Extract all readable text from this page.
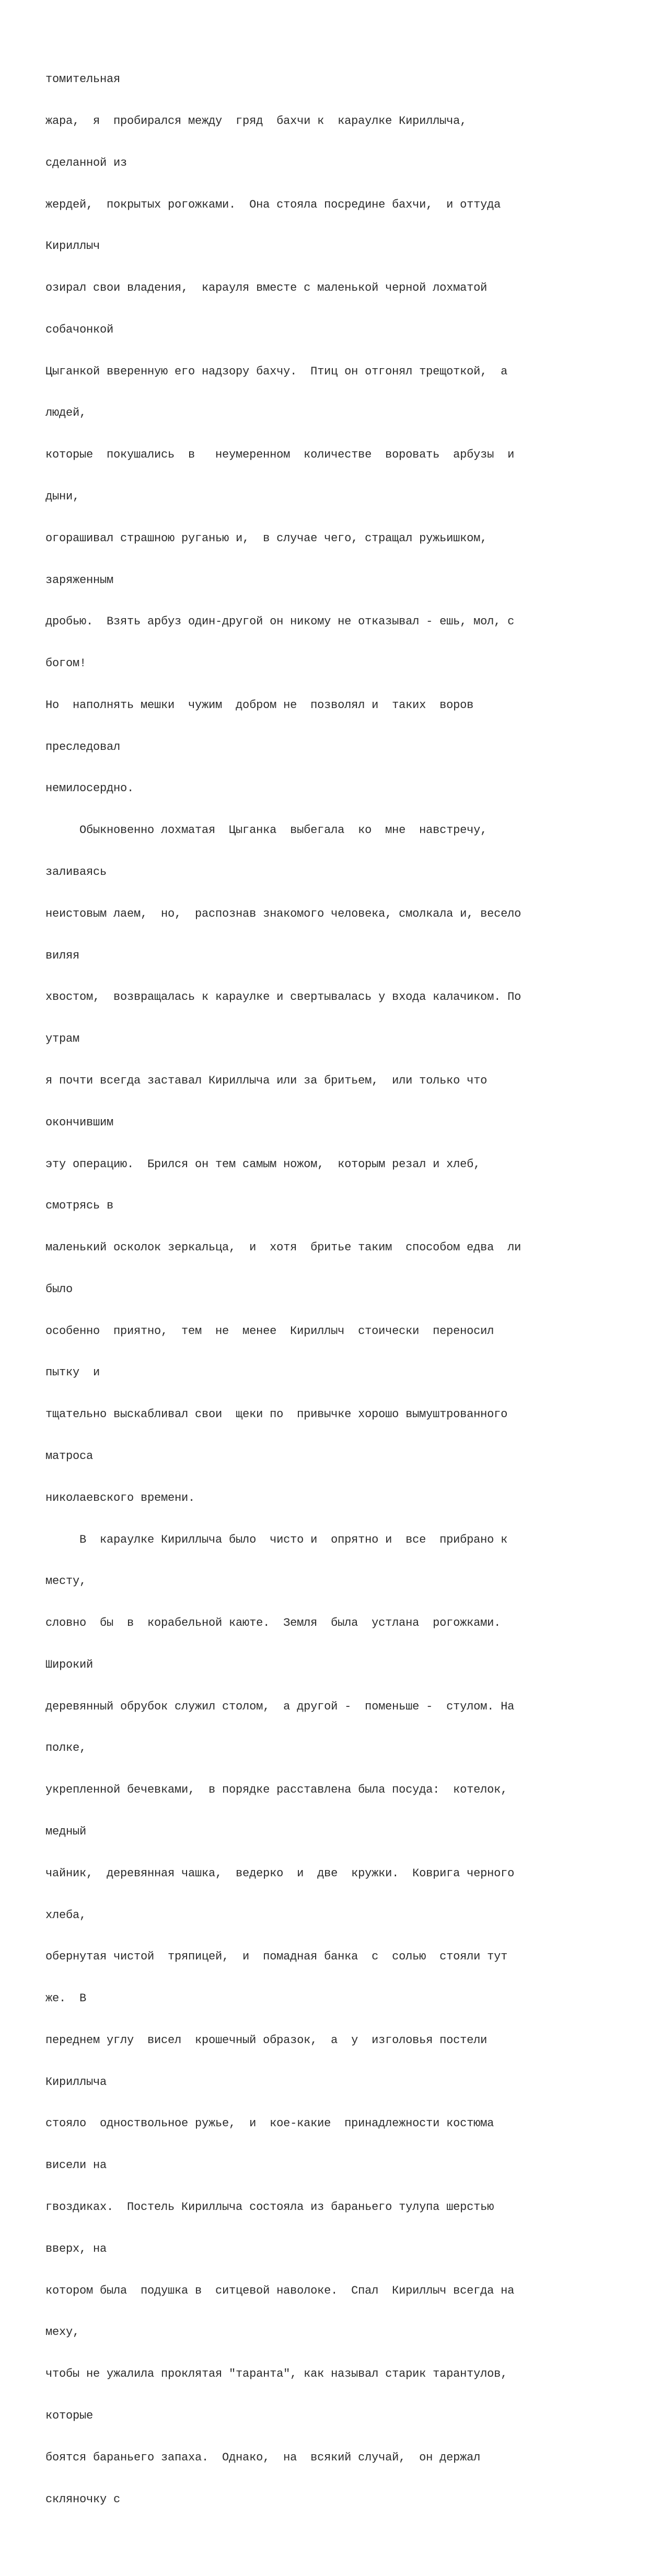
томительная

жара,  я  пробирался между  гряд  бахчи к  караулке Кириллыча,

сделанной из

жердей,  покрытых рогожками.  Она стояла посредине бахчи,  и оттуда

Кириллыч

озирал свои владения,  карауля вместе с маленькой черной лохматой

собачонкой

Цыганкой вверенную его надзору бахчу.  Птиц он отгонял трещоткой,  а

людей,

которые  покушались  в   неумеренном  количестве  воровать  арбузы  и

дыни,

огорашивал страшною руганью и,  в случае чего, стращал ружьишком,

заряженным

дробью.  Взять арбуз один-другой он никому не отказывал - ешь, мол, с

богом!

Но  наполнять мешки  чужим  добром не  позволял и  таких  воров

преследовал

немилосердно.

Обыкновенно лохматая  Цыганка  выбегала  ко  мне  навстречу,

заливаясь

неистовым лаем,  но,  распознав знакомого человека, смолкала и, весело

виляя

хвостом,  возвращалась к караулке и свертывалась у входа калачиком. По

утрам

я почти всегда заставал Кириллыча или за бритьем,  или только что

окончившим

эту операцию.  Брился он тем самым ножом,  которым резал и хлеб,

смотрясь в

маленький осколок зеркальца,  и  хотя  бритье таким  способом едва  ли

было

особенно  приятно,  тем  не  менее  Кириллыч  стоически  переносил

пытку  и

тщательно выскабливал свои  щеки по  привычке хорошо вымуштрованного

матроса

николаевского времени.

В  караулке Кириллыча было  чисто и  опрятно и  все  прибрано к

месту,

словно  бы  в  корабельной каюте.  Земля  была  устлана  рогожками.

Широкий

деревянный обрубок служил столом,  а другой -  поменьше -  стулом. На

полке,

укрепленной бечевками,  в порядке расставлена была посуда:  котелок,

медный

чайник,  деревянная чашка,  ведерко  и  две  кружки.  Коврига черного

хлеба,

обернутая чистой  тряпицей,  и  помадная банка  с  солью  стояли тут

же.  В

переднем углу  висел  крошечный образок,  а  у  изголовья постели

Кириллыча

стояло  одноствольное ружье,  и  кое-какие  принадлежности костюма

висели на

гвоздиках.  Постель Кириллыча состояла из бараньего тулупа шерстью

вверх, на

котором была  подушка в  ситцевой наволоке.  Спал  Кириллыч всегда на

меху,

чтобы не ужалила проклятая "таранта", как называл старик тарантулов,

которые

боятся бараньего запаха.  Однако,  на  всякий случай,  он держал

скляночку с
